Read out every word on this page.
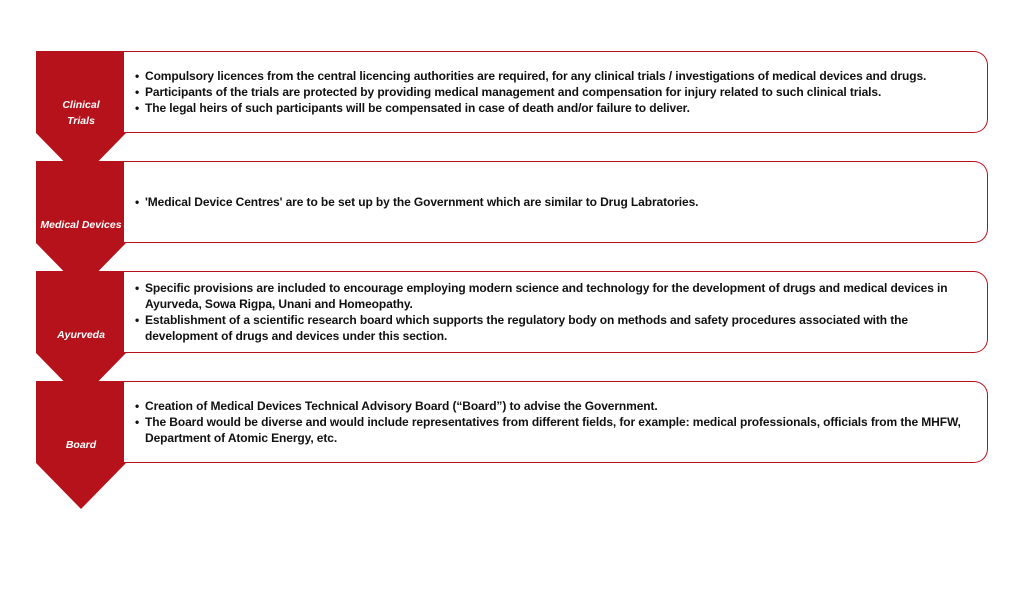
Clinical
Trials
• Compulsory licences from the central licencing authorities are required, for any clinical trials / investigations of medical devices and drugs.
• Participants of the trials are protected by providing medical management and compensation for injury related to such clinical trials.
• The legal heirs of such participants will be compensated in case of death and/or failure to deliver.
Medical Devices
• 'Medical Device Centres' are to be set up by the Government which are similar to Drug Labratories.
Ayurveda
• Specific provisions are included to encourage employing modern science and technology for the development of drugs and medical devices in Ayurveda, Sowa Rigpa, Unani and Homeopathy.
• Establishment of a scientific research board which supports the regulatory body on methods and safety procedures associated with the development of drugs and devices under this section.
Board
• Creation of Medical Devices Technical Advisory Board (“Board”) to advise the Government.
• The Board would be diverse and would include representatives from different fields, for example: medical professionals, officials from the MHFW, Department of Atomic Energy, etc.
